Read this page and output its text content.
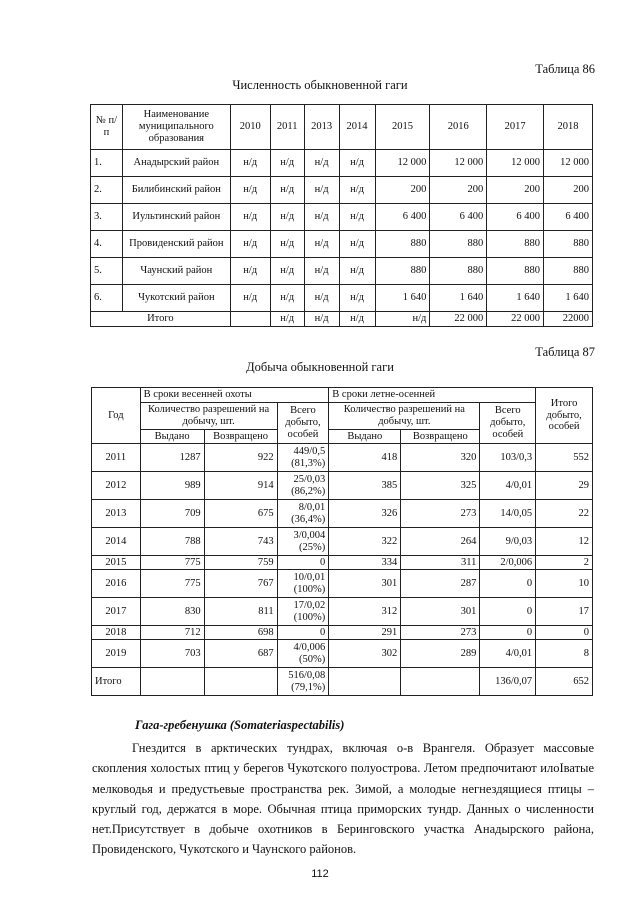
Таблица 86
Численность обыкновенной гаги
№ п/п	Наименование муниципального образования	2010	2011	2013	2014	2015	2016	2017	2018
1.	Анадырский район	н/д	н/д	н/д	н/д	12 000	12 000	12 000	12 000
2.	Билибинский район	н/д	н/д	н/д	н/д	200	200	200	200
3.	Иультинский район	н/д	н/д	н/д	н/д	6 400	6 400	6 400	6 400
4.	Провиденский район	н/д	н/д	н/д	н/д	880	880	880	880
5.	Чаунский район	н/д	н/д	н/д	н/д	880	880	880	880
6.	Чукотский район	н/д	н/д	н/д	н/д	1 640	1 640	1 640	1 640
Итого			н/д	н/д	н/д	н/д	22 000	22 000	22000
Таблица 87
Добыча обыкновенной гаги
Год	В сроки весенней охоты			В сроки летне-осенней			Итого добыто, особей
	Количество разрешений на добычу, шт.		Всего добыто, особей	Количество разрешений на добычу, шт.		Всего добыто, особей	
	Выдано	Возвращено		Выдано	Возвращено		
2011	1287	922	449/0,5 (81,3%)	418	320	103/0,3	552
2012	989	914	25/0,03 (86,2%)	385	325	4/0,01	29
2013	709	675	8/0,01 (36,4%)	326	273	14/0,05	22
2014	788	743	3/0,004 (25%)	322	264	9/0,03	12
2015	775	759	0	334	311	2/0,006	2
2016	775	767	10/0,01 (100%)	301	287	0	10
2017	830	811	17/0,02 (100%)	312	301	0	17
2018	712	698	0	291	273	0	0
2019	703	687	4/0,006 (50%)	302	289	4/0,01	8
Итого			516/0,08 (79,1%)			136/0,07	652
Гага-гребенушка (Somateriaspectabilis)
Гнездится в арктических тундрах, включая о-в Врангеля. Образует массовые скопления холостых птиц у берегов Чукотского полуострова. Летом предпочитают илоIватые мелководья и предустьевые пространства рек. Зимой, а молодые негнездящиеся птицы – круглый год, держатся в море. Обычная птица приморских тундр. Данных о численности нет.Присутствует в добыче охотников в Беринговского участка Анадырского района, Провиденского, Чукотского и Чаунского районов.
112
